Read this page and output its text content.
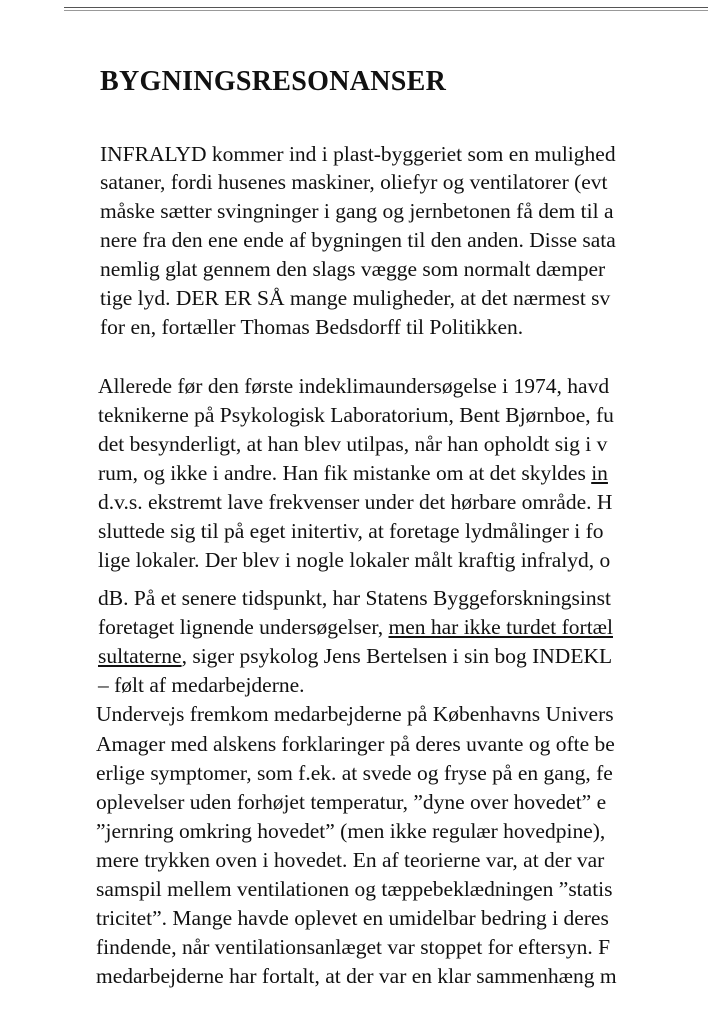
BYGNINGSRESONANSER
INFRALYD kommer ind i plast-byggeriet som en mulighed
sataner, fordi husenes maskiner, oliefyr og ventilatorer (evt
måske sætter svingninger i gang og jernbetonen få dem til a
nere fra den ene ende af bygningen til den anden. Disse sata
nemlig glat gennem den slags vægge som normalt dæmper
tige lyd. DER ER SÅ mange muligheder, at det nærmest sv
for en, fortæller Thomas Bedsdorff til Politikken.
Allerede før den første indeklimaundersøgelse i 1974, havd
teknikerne på Psykologisk Laboratorium, Bent Bjørnboe, fu
det besynderligt, at han blev utilpas, når han opholdt sig i v
rum, og ikke i andre. Han fik mistanke om at det skyldes in
d.v.s. ekstremt lave frekvenser under det hørbare område. H
sluttede sig til på eget initertiv, at foretage lydmålinger i fo
lige lokaler. Der blev i nogle lokaler målt kraftig infralyd, o
dB. På et senere tidspunkt, har Statens Byggeforskningsinst
foretaget lignende undersøgelser, men har ikke turdet fortæl
sultaterne, siger psykolog Jens Bertelsen i sin bog INDEKL
– følt af medarbejderne.
Undervejs fremkom medarbejderne på Københavns Univers
Amager med alskens forklaringer på deres uvante og ofte be
erlige symptomer, som f.ek. at svede og fryse på en gang, fe
oplevelser uden forhøjet temperatur, ”dyne over hovedet” e
”jernring omkring hovedet” (men ikke regulær hovedpine),
mere trykken oven i hovedet. En af teorierne var, at der var
samspil mellem ventilationen og tæppebeklædningen ”statis
tricitet”. Mange havde oplevet en umidelbar bedring i deres
findende, når ventilationsanlæget var stoppet for eftersyn. F
medarbejderne har fortalt, at der var en klar sammenhæng m
